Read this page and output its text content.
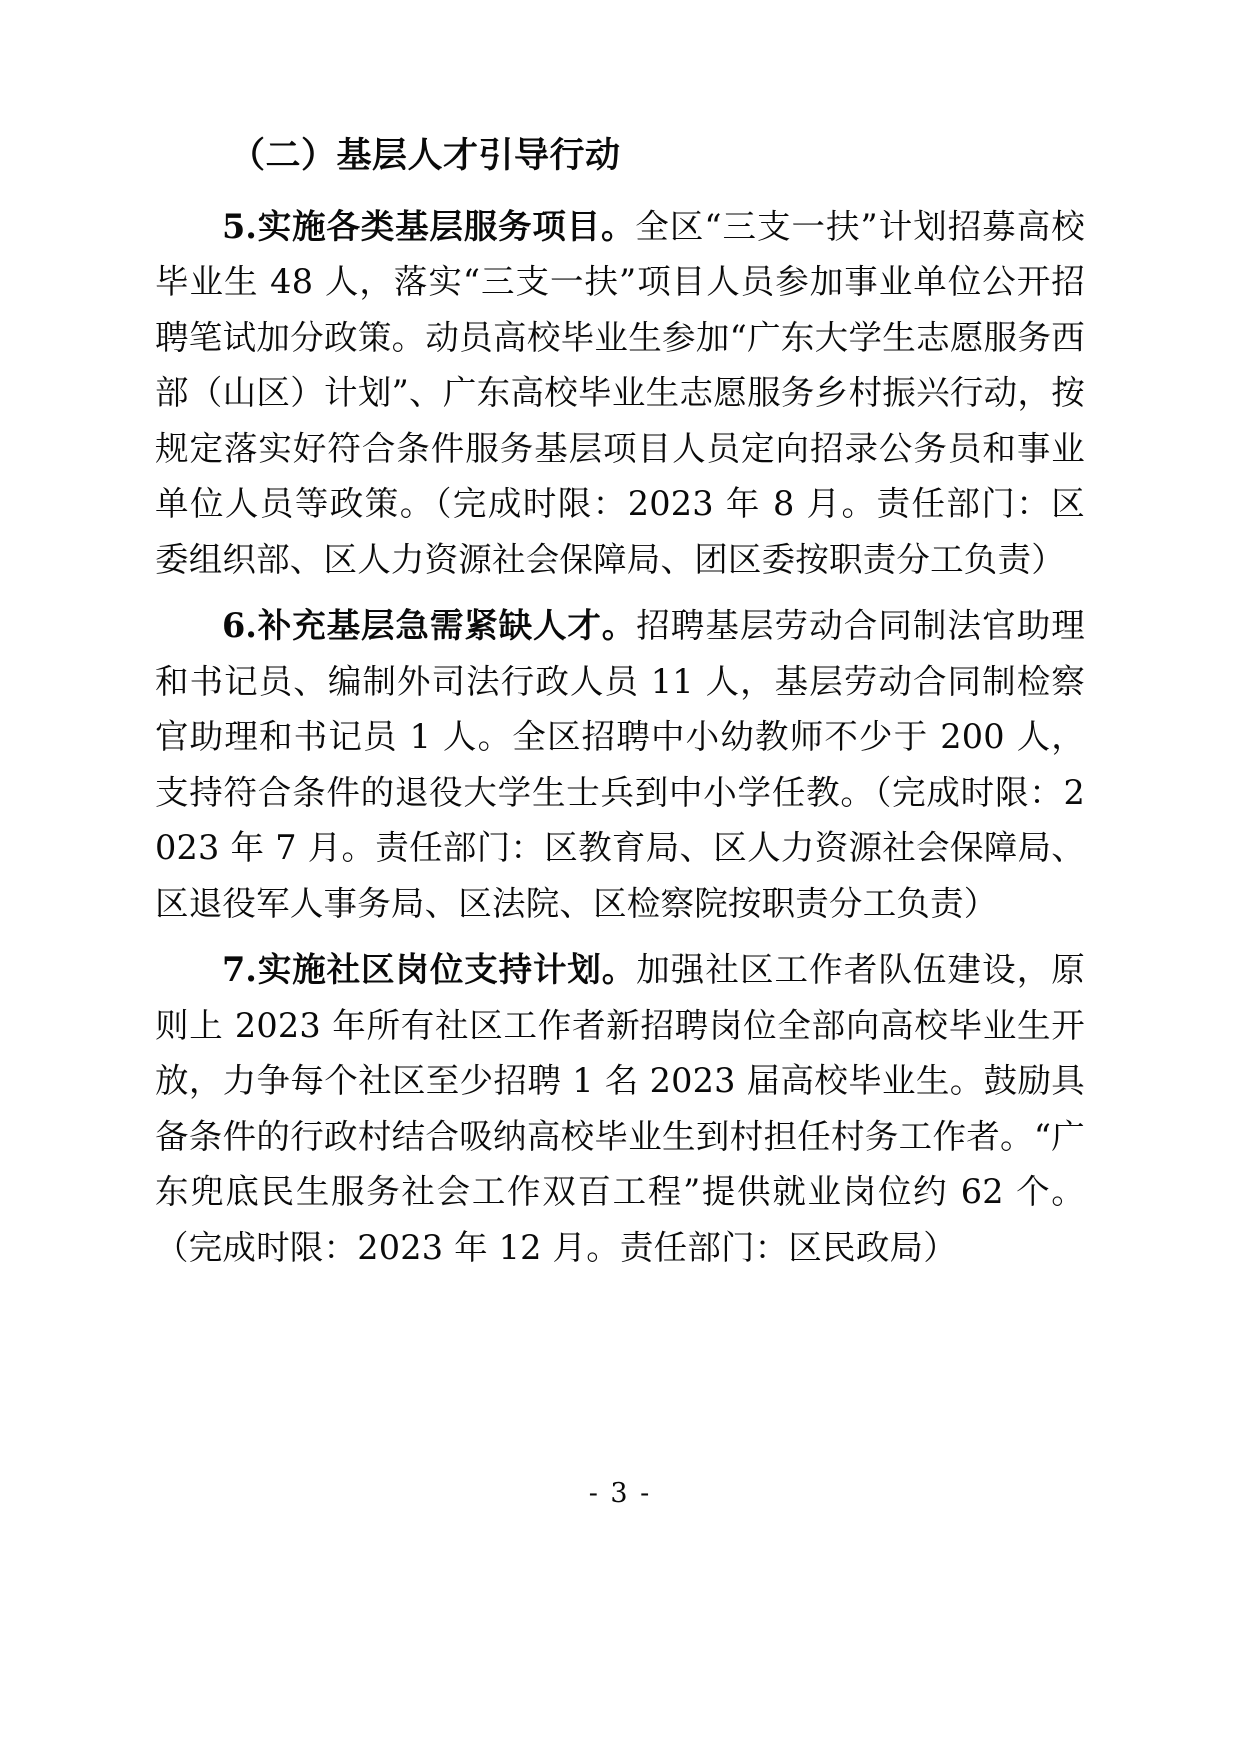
（二）基层人才引导行动

5.实施各类基层服务项目。全区“三支一扶”计划招募高校毕业生 48 人，落实“三支一扶”项目人员参加事业单位公开招聘笔试加分政策。动员高校毕业生参加“广东大学生志愿服务西部（山区）计划”、广东高校毕业生志愿服务乡村振兴行动，按规定落实好符合条件服务基层项目人员定向招录公务员和事业单位人员等政策。（完成时限：2023 年 8 月。责任部门：区委组织部、区人力资源社会保障局、团区委按职责分工负责）

6.补充基层急需紧缺人才。招聘基层劳动合同制法官助理和书记员、编制外司法行政人员 11 人，基层劳动合同制检察官助理和书记员 1 人。全区招聘中小幼教师不少于 200 人，支持符合条件的退役大学生士兵到中小学任教。（完成时限：2023 年 7 月。责任部门：区教育局、区人力资源社会保障局、区退役军人事务局、区法院、区检察院按职责分工负责）

7.实施社区岗位支持计划。加强社区工作者队伍建设，原则上 2023 年所有社区工作者新招聘岗位全部向高校毕业生开放，力争每个社区至少招聘 1 名 2023 届高校毕业生。鼓励具备条件的行政村结合吸纳高校毕业生到村担任村务工作者。“广东兜底民生服务社会工作双百工程”提供就业岗位约 62 个。（完成时限：2023 年 12 月。责任部门：区民政局）

- 3 -
